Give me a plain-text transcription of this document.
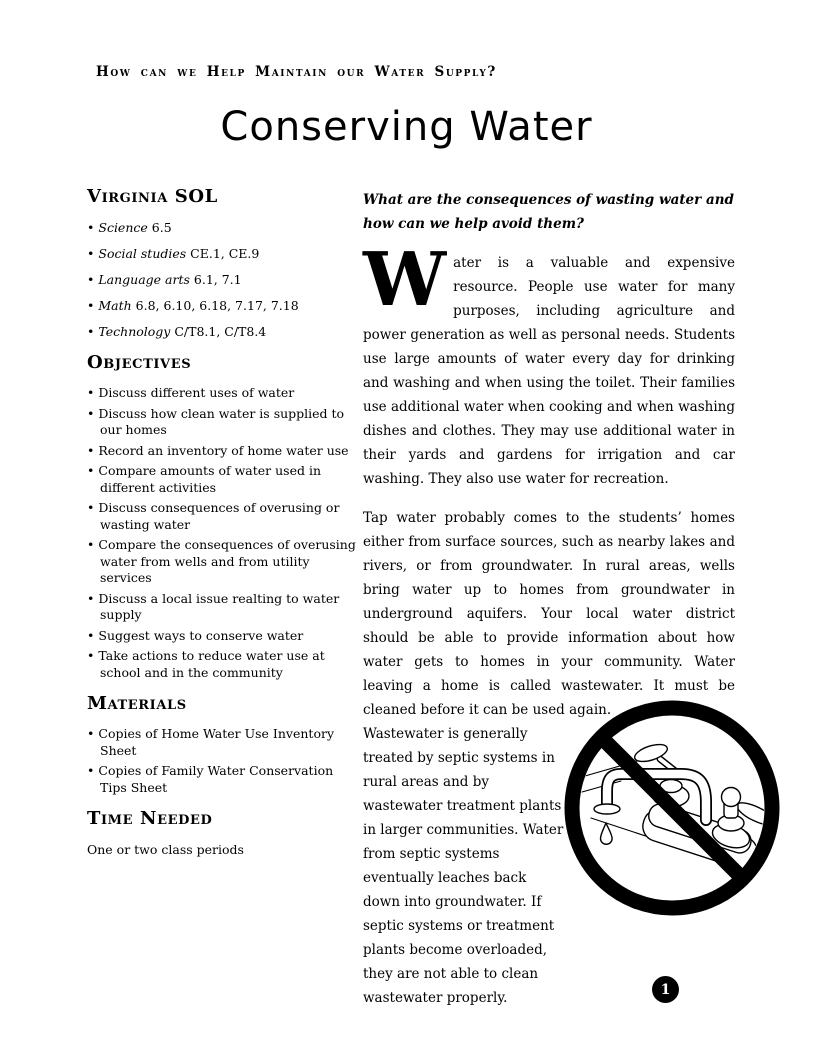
How can we Help Maintain our Water Supply?
Conserving Water
Virginia SOL
• Science 6.5
• Social studies CE.1, CE.9
• Language arts 6.1, 7.1
• Math 6.8, 6.10, 6.18, 7.17, 7.18
• Technology C/T8.1, C/T8.4
Objectives
• Discuss different uses of water
• Discuss how clean water is supplied to our homes
• Record an inventory of home water use
• Compare amounts of water used in different activities
• Discuss consequences of overusing or wasting water
• Compare the consequences of overusing water from wells and from utility services
• Discuss a local issue realting to water supply
• Suggest ways to conserve water
• Take actions to reduce water use at school and in the community
Materials
• Copies of Home Water Use Inventory Sheet
• Copies of Family Water Conservation Tips Sheet
Time Needed

One or two class periods

What are the consequences of wasting water and how can we help avoid them?

Water is a valuable and expensive resource. People use water for many purposes, including agriculture and power generation as well as personal needs. Students use large amounts of water every day for drinking and washing and when using the toilet. Their families use additional water when cooking and when washing dishes and clothes. They may use additional water in their yards and gardens for irrigation and car washing. They also use water for recreation.

Tap water probably comes to the students’ homes either from surface sources, such as nearby lakes and rivers, or from groundwater. In rural areas, wells bring water up to homes from groundwater in underground aquifers. Your local water district should be able to provide information about how water gets to homes in your community. Water leaving a home is called wastewater. It must be cleaned before it can be used again.

Wastewater is generally treated by septic systems in rural areas and by wastewater treatment plants in larger communities. Water from septic systems eventually leaches back down into groundwater. If septic systems or treatment plants become overloaded, they are not able to clean wastewater properly.

1
